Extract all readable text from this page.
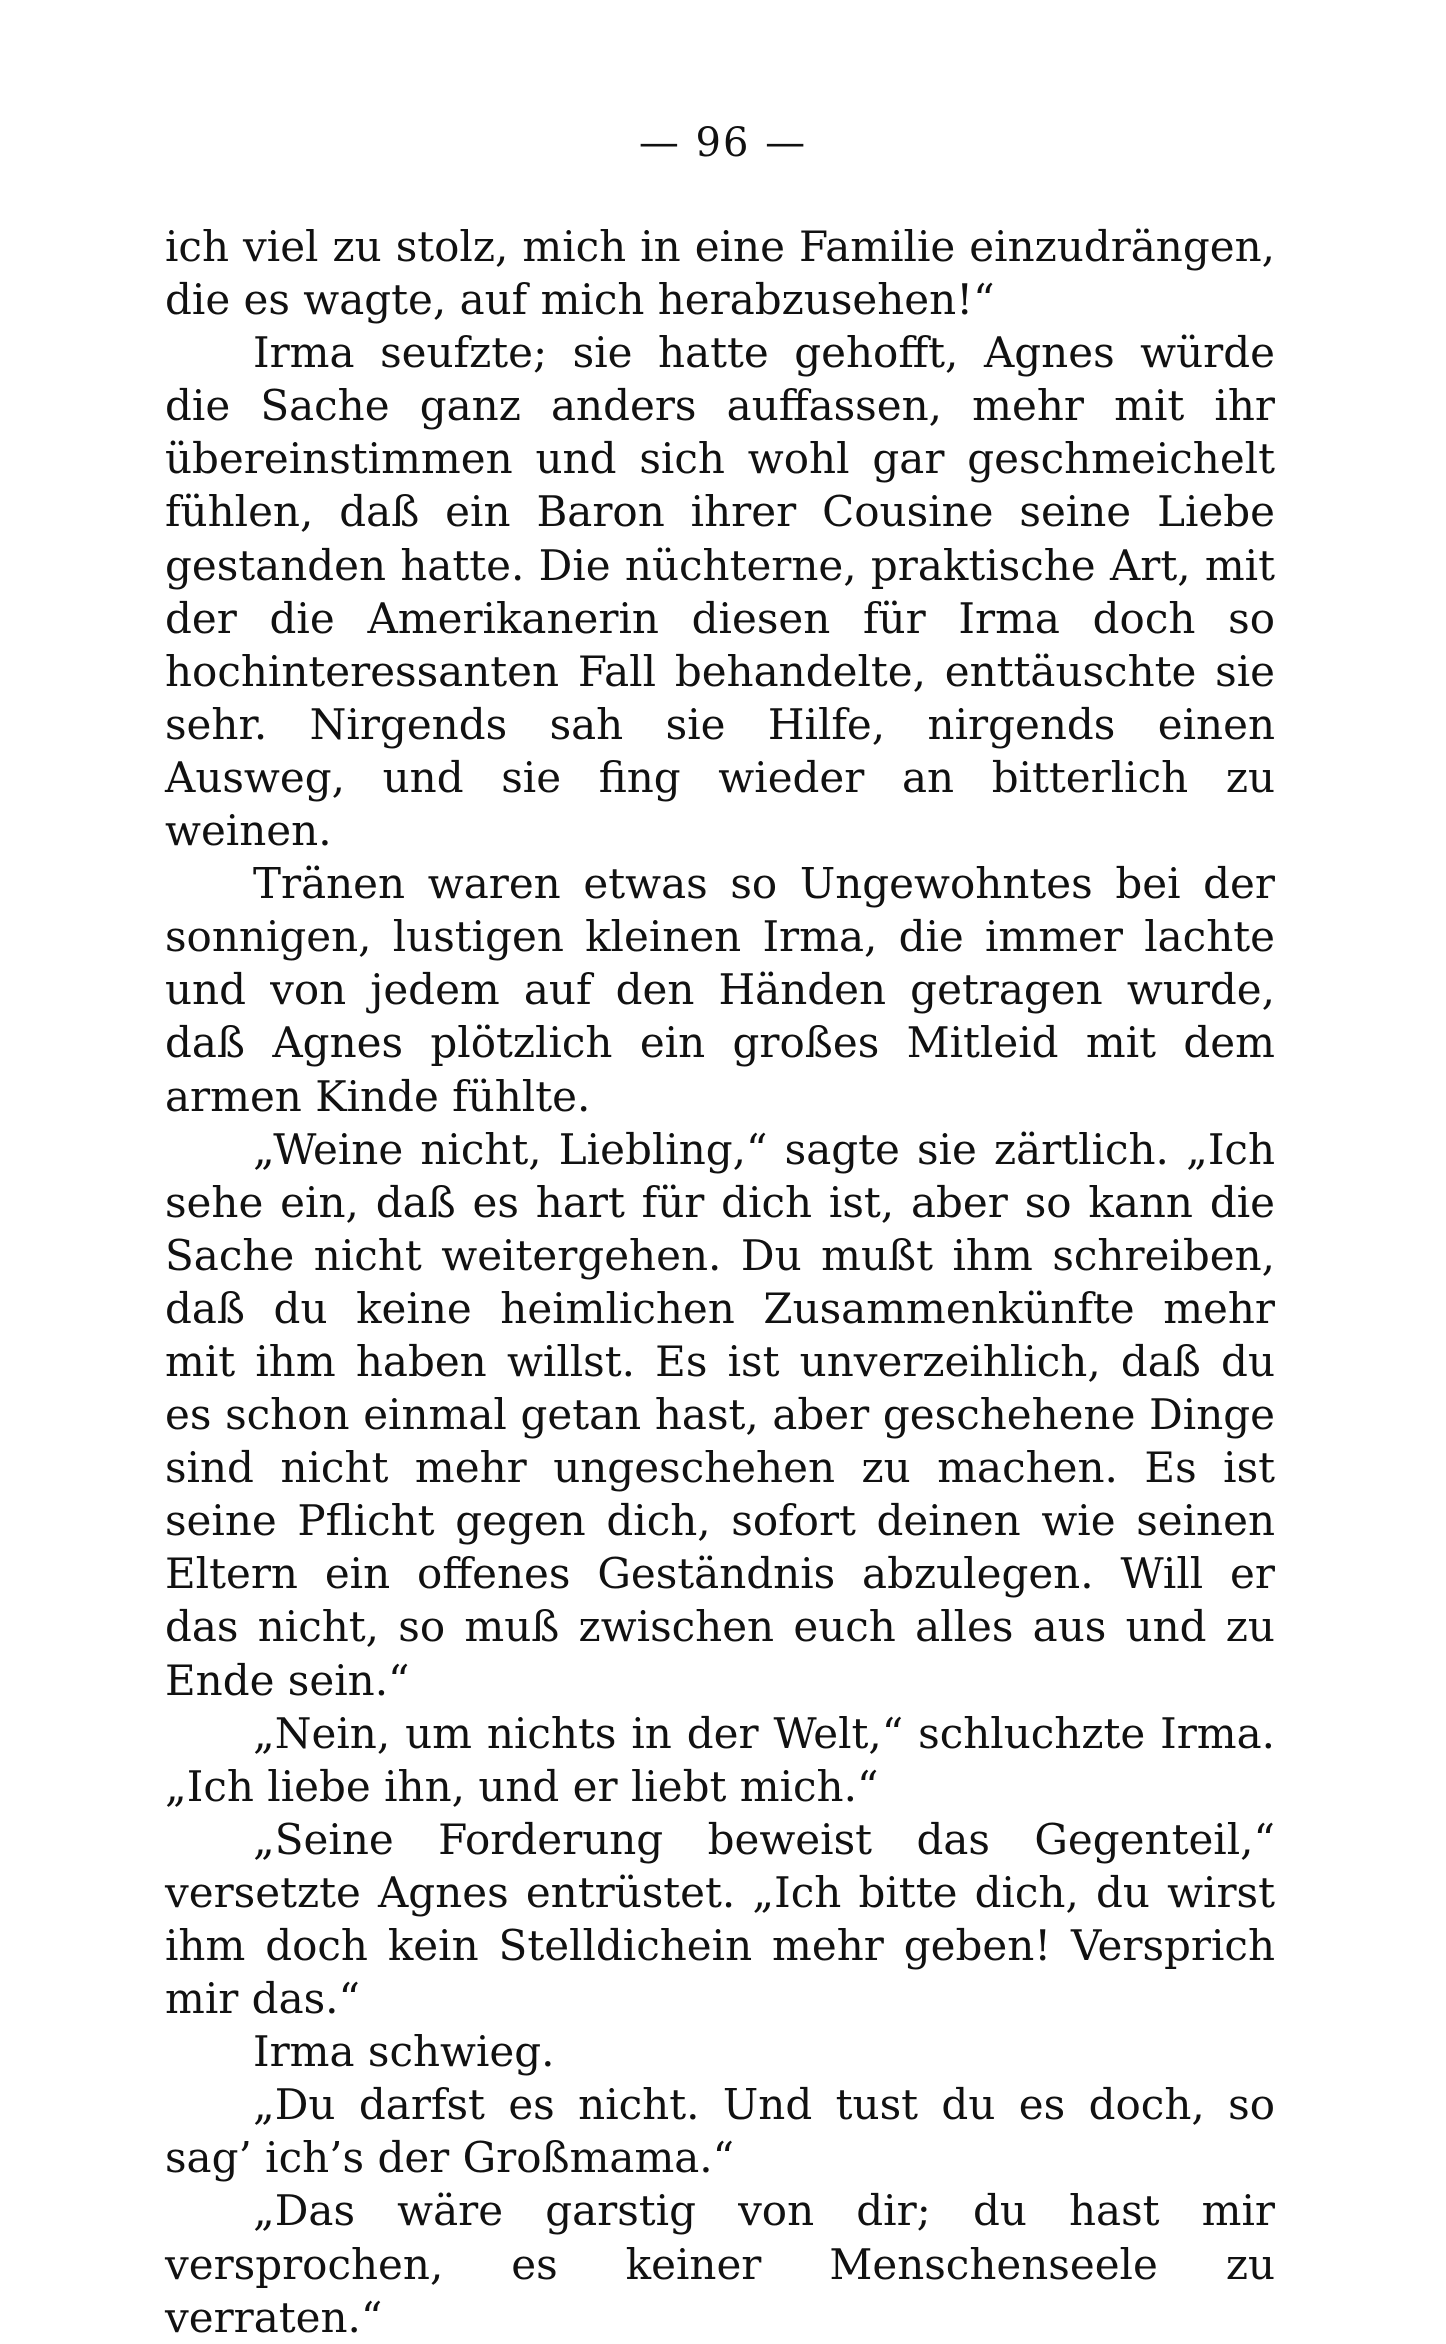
— 96 —

ich viel zu stolz, mich in eine Familie einzudrängen, die es wagte, auf mich herabzusehen!“

Irma seufzte; sie hatte gehofft, Agnes würde die Sache ganz anders auffassen, mehr mit ihr übereinstimmen und sich wohl gar geschmeichelt fühlen, daß ein Baron ihrer Cousine seine Liebe gestanden hatte. Die nüchterne, praktische Art, mit der die Amerikanerin diesen für Irma doch so hochinteressanten Fall behandelte, enttäuschte sie sehr. Nirgends sah sie Hilfe, nirgends einen Ausweg, und sie fing wieder an bitterlich zu weinen.

Tränen waren etwas so Ungewohntes bei der sonnigen, lustigen kleinen Irma, die immer lachte und von jedem auf den Händen getragen wurde, daß Agnes plötzlich ein großes Mitleid mit dem armen Kinde fühlte.

„Weine nicht, Liebling,“ sagte sie zärtlich. „Ich sehe ein, daß es hart für dich ist, aber so kann die Sache nicht weitergehen. Du mußt ihm schreiben, daß du keine heimlichen Zusammenkünfte mehr mit ihm haben willst. Es ist unverzeihlich, daß du es schon einmal getan hast, aber geschehene Dinge sind nicht mehr ungeschehen zu machen. Es ist seine Pflicht gegen dich, sofort deinen wie seinen Eltern ein offenes Geständnis abzulegen. Will er das nicht, so muß zwischen euch alles aus und zu Ende sein.“

„Nein, um nichts in der Welt,“ schluchzte Irma. „Ich liebe ihn, und er liebt mich.“

„Seine Forderung beweist das Gegenteil,“ versetzte Agnes entrüstet. „Ich bitte dich, du wirst ihm doch kein Stelldichein mehr geben! Versprich mir das.“

Irma schwieg.

„Du darfst es nicht. Und tust du es doch, so sag’ ich’s der Großmama.“

„Das wäre garstig von dir; du hast mir versprochen, es keiner Menschenseele zu verraten.“
